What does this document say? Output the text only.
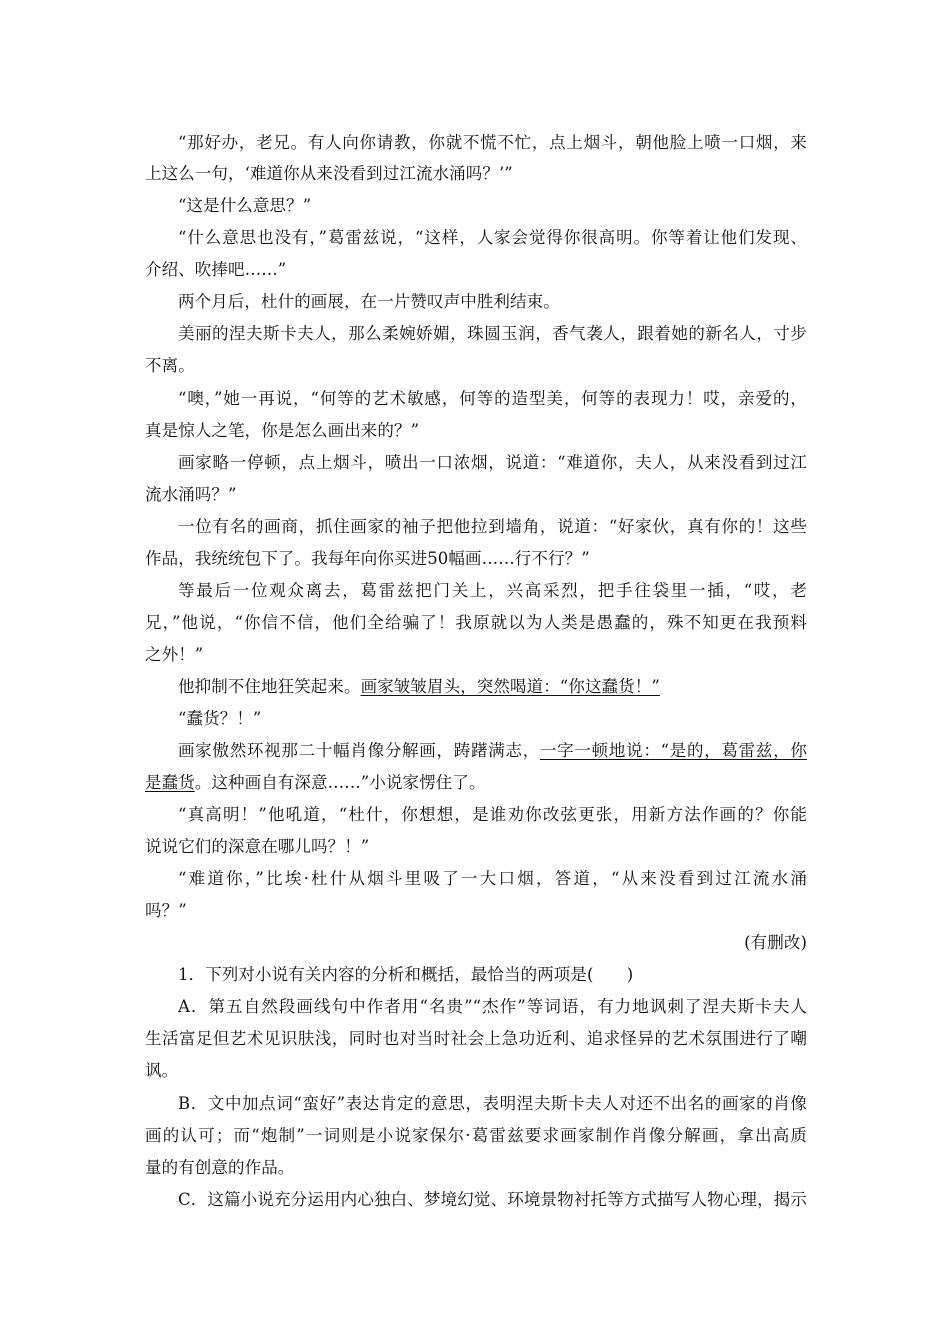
“那好办，老兄。有人向你请教，你就不慌不忙，点上烟斗，朝他脸上喷一口烟，来
上这么一句，‘难道你从来没看到过江流水涌吗？’”
“这是什么意思？”
“什么意思也没有，”葛雷兹说，“这样，人家会觉得你很高明。你等着让他们发现、
介绍、吹捧吧……”
两个月后，杜什的画展，在一片赞叹声中胜利结束。
美丽的涅夫斯卡夫人，那么柔婉娇媚，珠圆玉润，香气袭人，跟着她的新名人，寸步
不离。
“噢，”她一再说，“何等的艺术敏感，何等的造型美，何等的表现力！哎，亲爱的，
真是惊人之笔，你是怎么画出来的？”
画家略一停顿，点上烟斗，喷出一口浓烟，说道：“难道你，夫人，从来没看到过江
流水涌吗？”
一位有名的画商，抓住画家的袖子把他拉到墙角，说道：“好家伙，真有你的！这些
作品，我统统包下了。我每年向你买进50幅画……行不行？”
等最后一位观众离去，葛雷兹把门关上，兴高采烈，把手往袋里一插，“哎，老
兄，”他说，“你信不信，他们全给骗了！我原就以为人类是愚蠢的，殊不知更在我预料
之外！”
他抑制不住地狂笑起来。画家皱皱眉头，突然喝道：“你这蠢货！”
“蠢货？！”
画家傲然环视那二十幅肖像分解画，踌躇满志，一字一顿地说：“是的，葛雷兹，你
是蠢货。这种画自有深意……”小说家愣住了。
“真高明！”他吼道，“杜什，你想想，是谁劝你改弦更张，用新方法作画的？你能
说说它们的深意在哪儿吗？！”
“难道你，”比埃·杜什从烟斗里吸了一大口烟，答道，“从来没看到过江流水涌
吗？”
(有删改)
1．下列对小说有关内容的分析和概括，最恰当的两项是(　　)
A．第五自然段画线句中作者用“名贵”“杰作”等词语，有力地讽刺了涅夫斯卡夫人
生活富足但艺术见识肤浅，同时也对当时社会上急功近利、追求怪异的艺术氛围进行了嘲
讽。
B．文中加点词“蛮好”表达肯定的意思，表明涅夫斯卡夫人对还不出名的画家的肖像
画的认可；而“炮制”一词则是小说家保尔·葛雷兹要求画家制作肖像分解画，拿出高质
量的有创意的作品。
C．这篇小说充分运用内心独白、梦境幻觉、环境景物衬托等方式描写人物心理，揭示
